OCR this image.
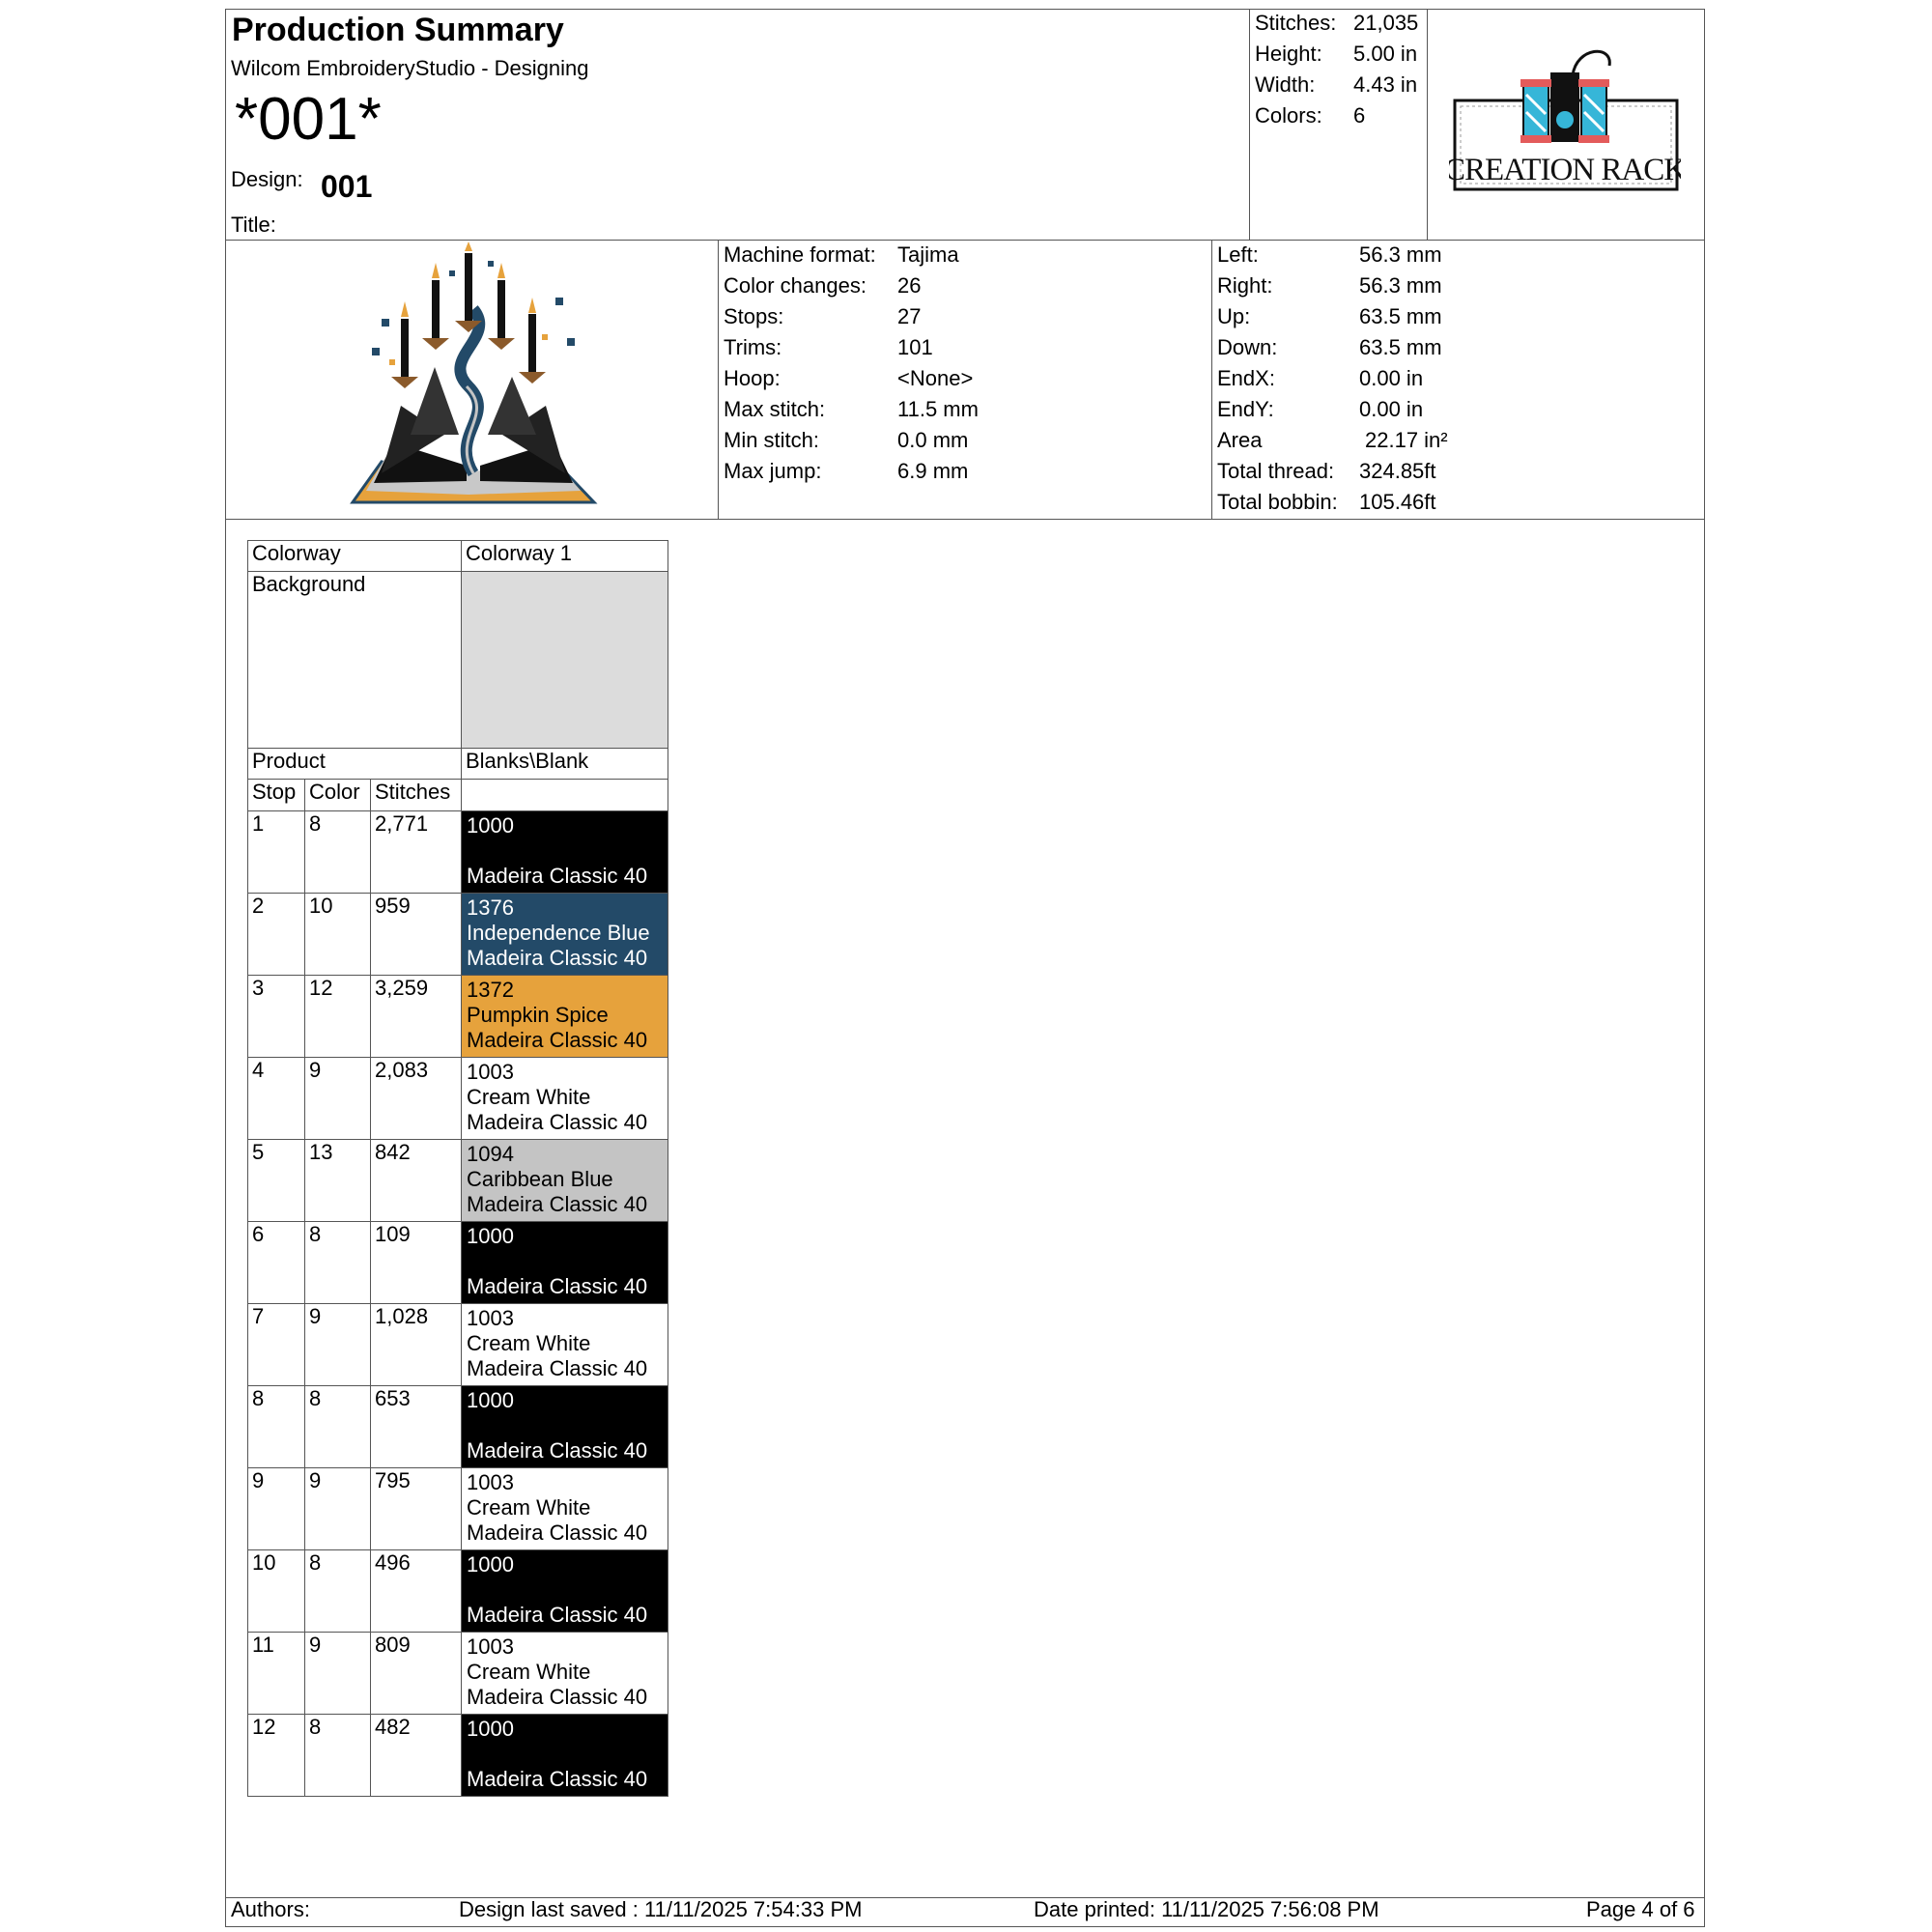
Production Summary
Wilcom EmbroideryStudio - Designing
*001*
Design: 001
Title:
Stitches: 21,035
Height: 5.00 in
Width: 4.43 in
Colors: 6
CREATION RACK
Machine format: Tajima
Color changes: 26
Stops:	27
Trims:	101
Hoop:	<None>
Max stitch:	11.5 mm
Min stitch:	0.0 mm
Max jump:	6.9 mm
Left:	56.3 mm
Right:	56.3 mm
Up:	63.5 mm
Down:	63.5 mm
EndX:	0.00 in
EndY:	0.00 in
Area	22.17 in²
Total thread: 324.85ft
Total bobbin: 105.46ft
Colorway			Colorway 1
Background			
Product			Blanks\Blank
Stop	Color	Stitches	
1	8	2,771	1000
Madeira Classic 40

2	10	959	1376
Independence Blue
Madeira Classic 40

3	12	3,259	1372
Pumpkin Spice
Madeira Classic 40

4	9	2,083	1003
Cream White
Madeira Classic 40

5	13	842	1094
Caribbean Blue
Madeira Classic 40

6	8	109	1000
Madeira Classic 40

7	9	1,028	1003
Cream White
Madeira Classic 40

8	8	653	1000
Madeira Classic 40

9	9	795	1003
Cream White
Madeira Classic 40

10	8	496	1000
Madeira Classic 40

11	9	809	1003
Cream White
Madeira Classic 40

12	8	482	1000
Madeira Classic 40
Authors:	Design last saved : 11/11/2025 7:54:33 PM	Date printed: 11/11/2025 7:56:08 PM	Page 4 of 6
